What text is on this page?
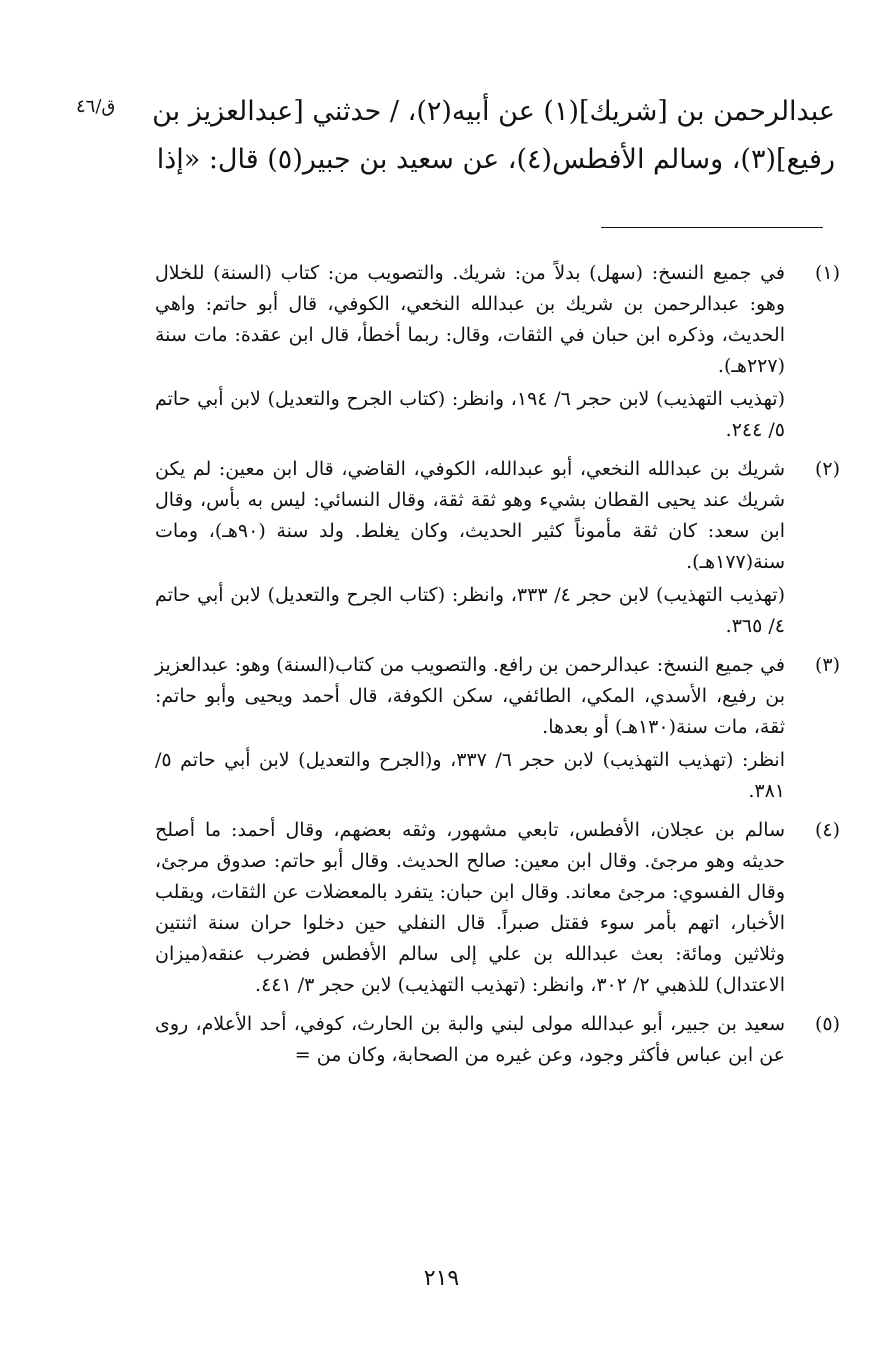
ق/٤٦	عبدالرحمن بن [شريك](١) عن أبيه(٢)، / حدثني [عبدالعزيز بن
رفيع](٣)، وسالم الأفطس(٤)، عن سعيد بن جبير(٥) قال: «إذا
(١)

في جميع النسخ: (سهل) بدلاً من: شريك. والتصويب من: كتاب (السنة) للخلال وهو: عبدالرحمن بن شريك بن عبدالله النخعي، الكوفي، قال أبو حاتم: واهي الحديث، وذكره ابن حبان في الثقات، وقال: ربما أخطأ، قال ابن عقدة: مات سنة (٢٢٧هـ).

(تهذيب التهذيب) لابن حجر ٦/ ١٩٤، وانظر: (كتاب الجرح والتعديل) لابن أبي حاتم ٥/ ٢٤٤.

(٢)

شريك بن عبدالله النخعي، أبو عبدالله، الكوفي، القاضي، قال ابن معين: لم يكن شريك عند يحيى القطان بشيء وهو ثقة ثقة، وقال النسائي: ليس به بأس، وقال ابن سعد: كان ثقة مأموناً كثير الحديث، وكان يغلط. ولد سنة (٩٠هـ)، ومات سنة(١٧٧هـ).

(تهذيب التهذيب) لابن حجر ٤/ ٣٣٣، وانظر: (كتاب الجرح والتعديل) لابن أبي حاتم ٤/ ٣٦٥.

(٣)

في جميع النسخ: عبدالرحمن بن رافع. والتصويب من كتاب(السنة) وهو: عبدالعزيز بن رفيع، الأسدي، المكي، الطائفي، سكن الكوفة، قال أحمد ويحيى وأبو حاتم: ثقة، مات سنة(١٣٠هـ) أو بعدها.

انظر: (تهذيب التهذيب) لابن حجر ٦/ ٣٣٧، و(الجرح والتعديل) لابن أبي حاتم ٥/ ٣٨١.

(٤)

سالم بن عجلان، الأفطس، تابعي مشهور، وثقه بعضهم، وقال أحمد: ما أصلح حديثه وهو مرجئ. وقال ابن معين: صالح الحديث. وقال أبو حاتم: صدوق مرجئ، وقال الفسوي: مرجئ معاند. وقال ابن حبان: يتفرد بالمعضلات عن الثقات، ويقلب الأخبار، اتهم بأمر سوء فقتل صبراً. قال النفلي حين دخلوا حران سنة اثنتين وثلاثين ومائة: بعث عبدالله بن علي إلى سالم الأفطس فضرب عنقه(ميزان الاعتدال) للذهبي ٢/ ٣٠٢، وانظر: (تهذيب التهذيب) لابن حجر ٣/ ٤٤١.

(٥)

سعيد بن جبير، أبو عبدالله مولى لبني والبة بن الحارث، كوفي، أحد الأعلام، روى عن ابن عباس فأكثر وجود، وعن غيره من الصحابة، وكان من =

٢١٩
